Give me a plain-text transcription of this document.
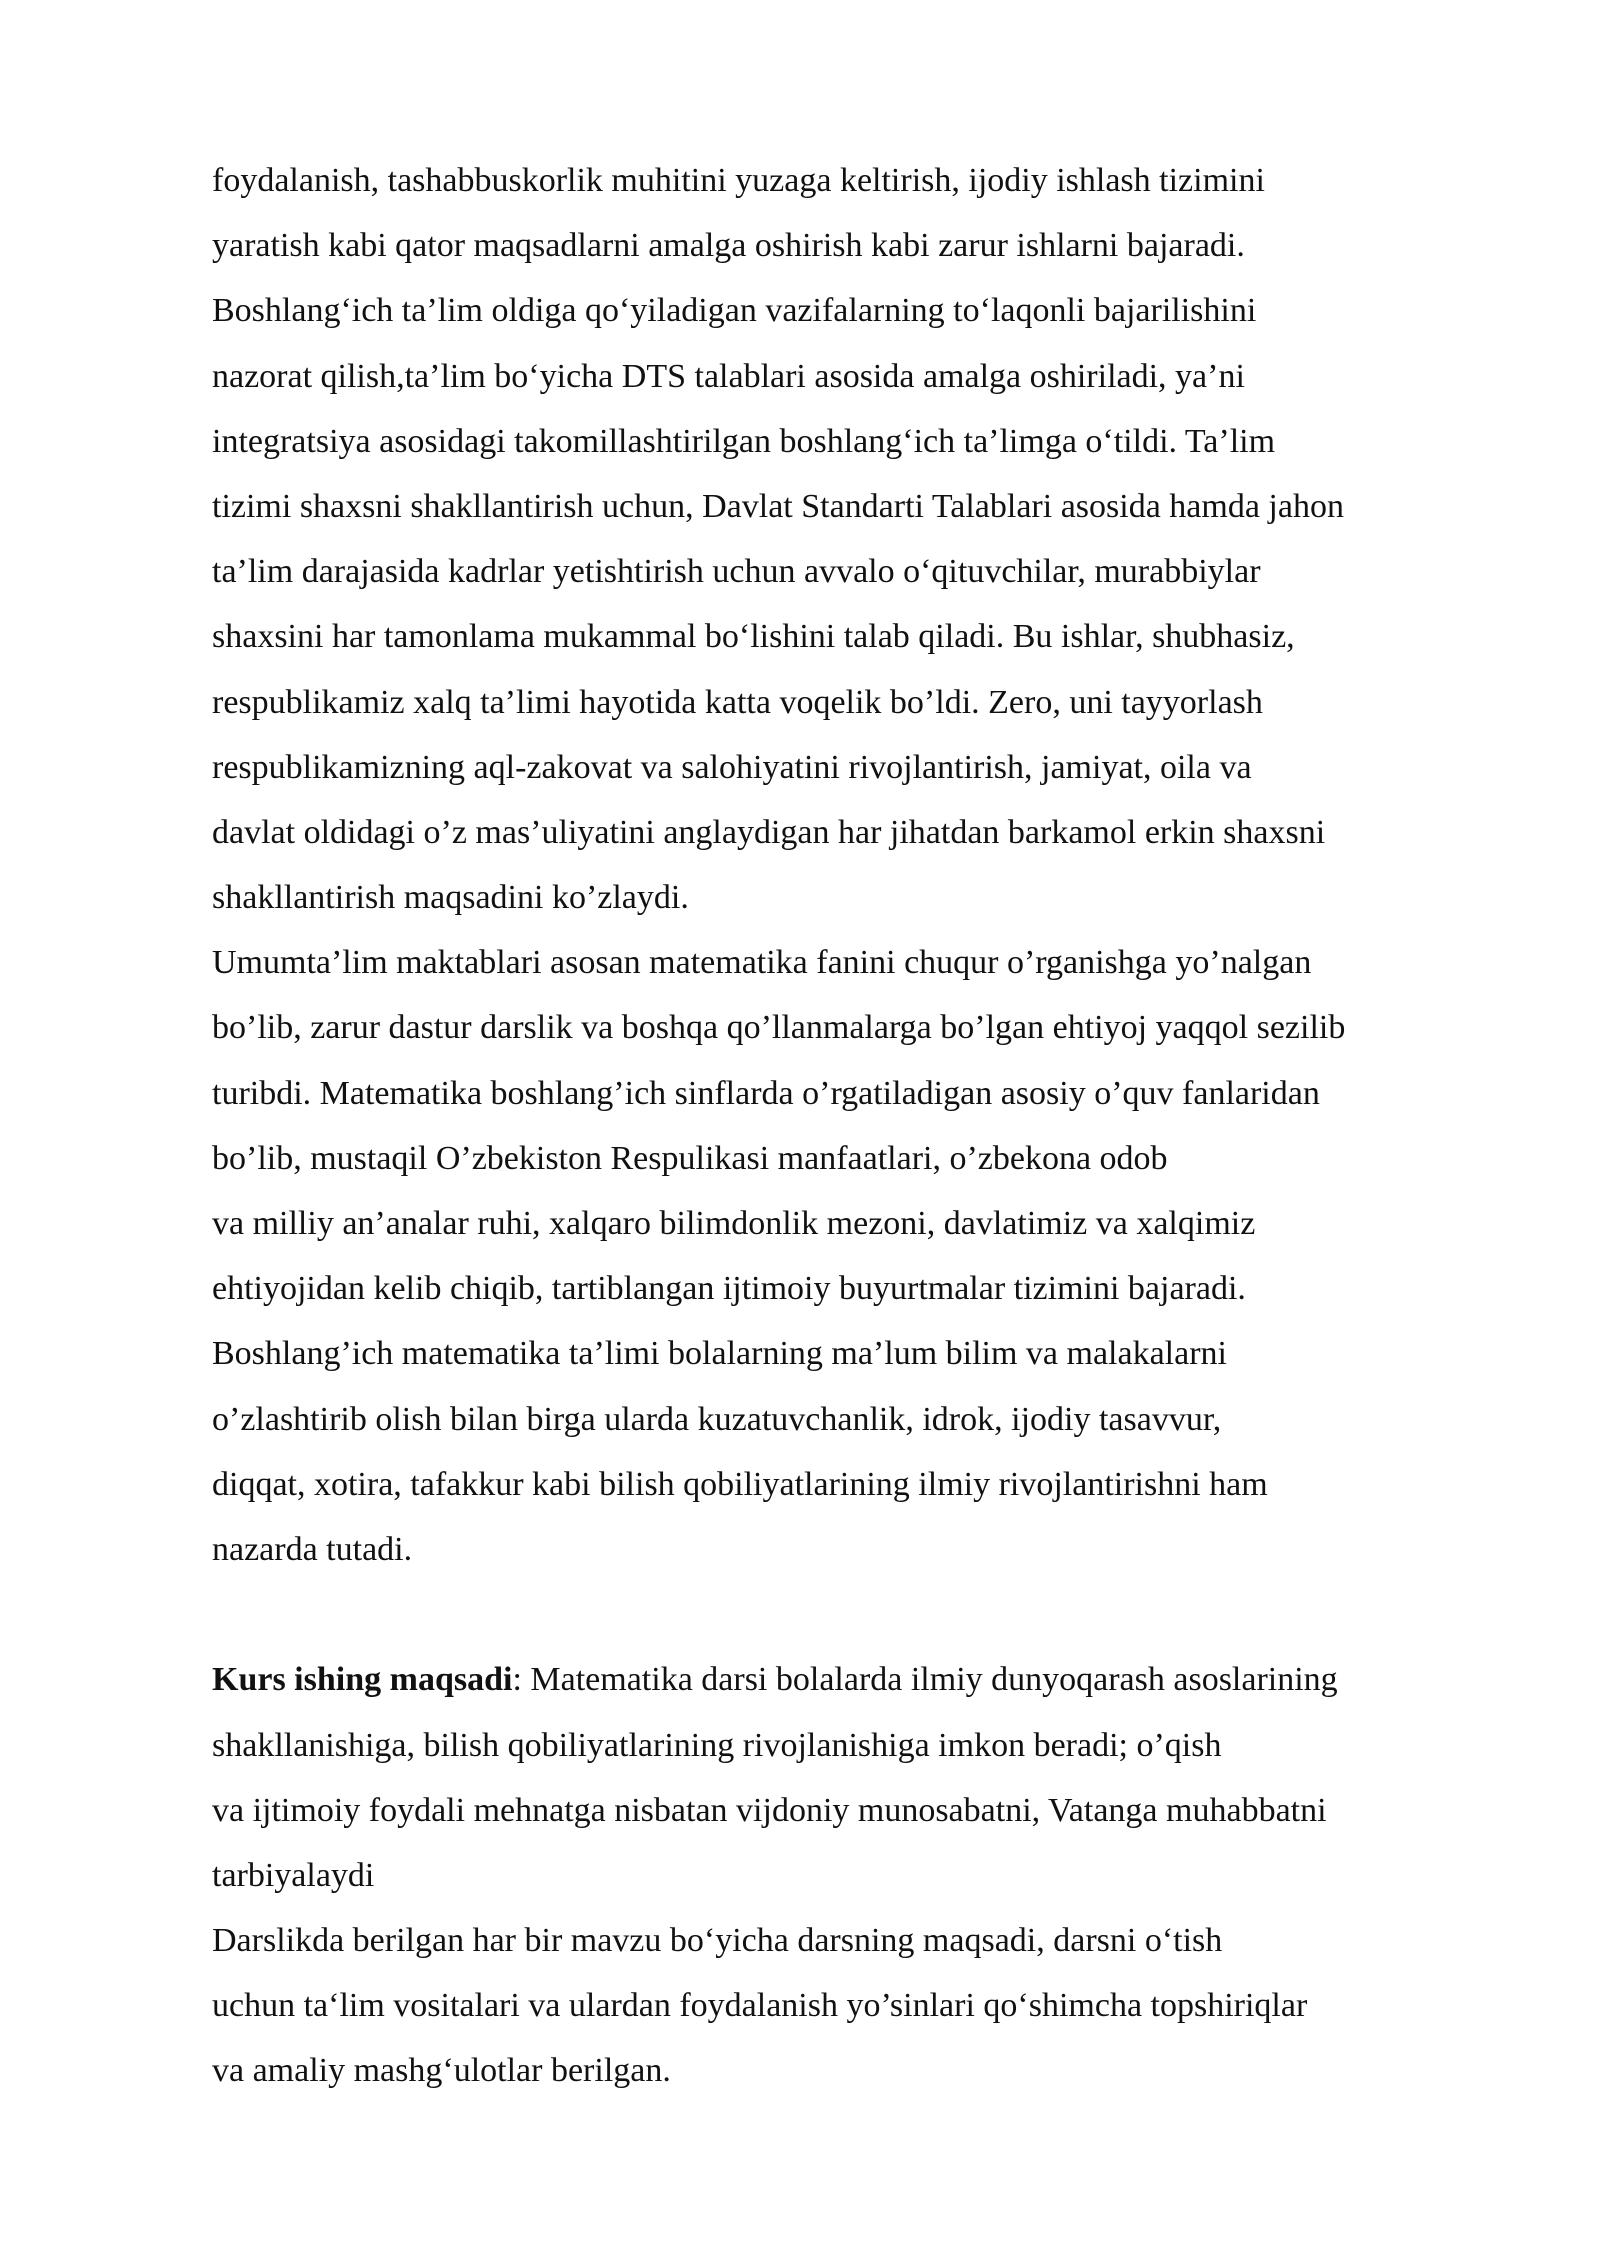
foydalanish, tashabbuskorlik muhitini yuzaga keltirish, ijodiy ishlash tizimini
yaratish kabi qator maqsadlarni amalga oshirish kabi zarur ishlarni bajaradi.
Boshlang‘ich ta’lim oldiga qo‘yiladigan vazifalarning to‘laqonli bajarilishini
nazorat qilish,ta’lim bo‘yicha DTS talablari asosida amalga oshiriladi, ya’ni
integratsiya asosidagi takomillashtirilgan boshlang‘ich ta’limga o‘tildi. Ta’lim
tizimi shaxsni shakllantirish uchun, Davlat Standarti Talablari asosida hamda jahon
ta’lim darajasida kadrlar yetishtirish uchun avvalo o‘qituvchilar, murabbiylar
shaxsini har tamonlama mukammal bo‘lishini talab qiladi. Bu ishlar, shubhasiz,
respublikamiz xalq ta’limi hayotida katta voqelik bo’ldi. Zero, uni tayyorlash
respublikamizning aql-zakovat va salohiyatini rivojlantirish, jamiyat, oila va
davlat oldidagi o’z mas’uliyatini anglaydigan har jihatdan barkamol erkin shaxsni
shakllantirish maqsadini ko’zlaydi.
Umumta’lim maktablari asosan matematika fanini chuqur o’rganishga yo’nalgan
bo’lib, zarur dastur darslik va boshqa qo’llanmalarga bo’lgan ehtiyoj yaqqol sezilib
turibdi. Matematika boshlang’ich sinflarda o’rgatiladigan asosiy o’quv fanlaridan
bo’lib, mustaqil O’zbekiston Respulikasi manfaatlari, o’zbekona odob
va milliy an’analar ruhi, xalqaro bilimdonlik mezoni, davlatimiz va xalqimiz
ehtiyojidan kelib chiqib, tartiblangan ijtimoiy buyurtmalar tizimini bajaradi.
Boshlang’ich matematika ta’limi bolalarning ma’lum bilim va malakalarni
o’zlashtirib olish bilan birga ularda kuzatuvchanlik, idrok, ijodiy tasavvur,
diqqat, xotira, tafakkur kabi bilish qobiliyatlarining ilmiy rivojlantirishni ham
nazarda tutadi.
Kurs ishing maqsadi: Matematika darsi bolalarda ilmiy dunyoqarash asoslarining
shakllanishiga, bilish qobiliyatlarining rivojlanishiga imkon beradi; o’qish
va ijtimoiy foydali mehnatga nisbatan vijdoniy munosabatni, Vatanga muhabbatni
tarbiyalaydi
Darslikda berilgan har bir mavzu bo‘yicha darsning maqsadi, darsni o‘tish
uchun ta‘lim vositalari va ulardan foydalanish yo’sinlari qo‘shimcha topshiriqlar
va amaliy mashg‘ulotlar berilgan.
